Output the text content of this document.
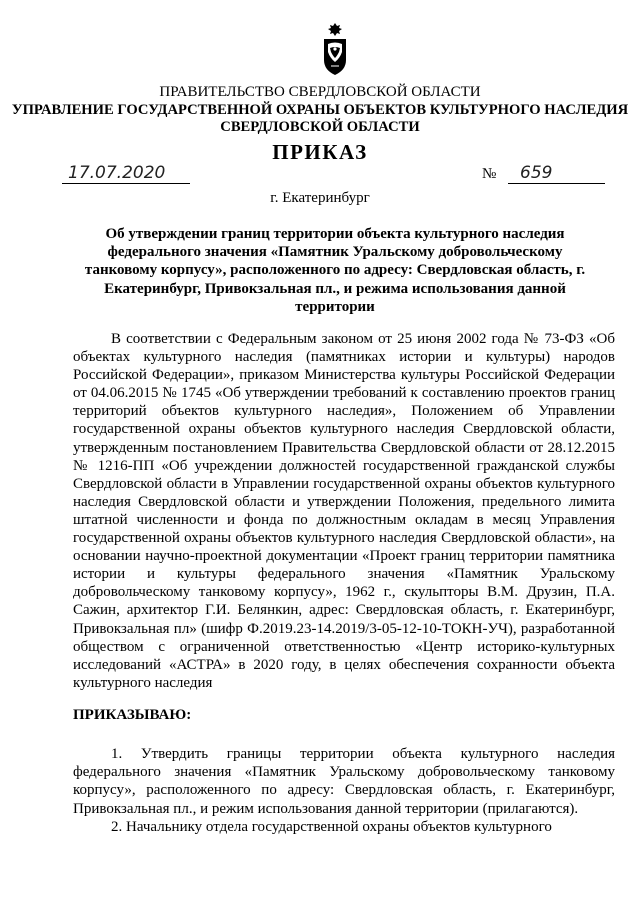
ПРАВИТЕЛЬСТВО СВЕРДЛОВСКОЙ ОБЛАСТИ
УПРАВЛЕНИЕ ГОСУДАРСТВЕННОЙ ОХРАНЫ ОБЪЕКТОВ КУЛЬТУРНОГО НАСЛЕДИЯ
СВЕРДЛОВСКОЙ ОБЛАСТИ
ПРИКАЗ
17.07.2020	№	659
г. Екатеринбург
Об утверждении границ территории объекта культурного наследия федерального значения «Памятник Уральскому добровольческому танковому корпусу», расположенного по адресу: Свердловская область, г. Екатеринбург, Привокзальная пл., и режима использования данной территории

В соответствии с Федеральным законом от 25 июня 2002 года № 73-ФЗ «Об объектах культурного наследия (памятниках истории и культуры) народов Российской Федерации», приказом Министерства культуры Российской Федерации от 04.06.2015 № 1745 «Об утверждении требований к составлению проектов границ территорий объектов культурного наследия», Положением об Управлении государственной охраны объектов культурного наследия Свердловской области, утвержденным постановлением Правительства Свердловской области от 28.12.2015 № 1216-ПП «Об учреждении должностей государственной гражданской службы Свердловской области в Управлении государственной охраны объектов культурного наследия Свердловской области и утверждении Положения, предельного лимита штатной численности и фонда по должностным окладам в месяц Управления государственной охраны объектов культурного наследия Свердловской области», на основании научно-проектной документации «Проект границ территории памятника истории и культуры федерального значения «Памятник Уральскому добровольческому танковому корпусу», 1962 г., скульпторы В.М. Друзин, П.А. Сажин, архитектор Г.И. Белянкин, адрес: Свердловская область, г. Екатеринбург, Привокзальная пл» (шифр Ф.2019.23-14.2019/3-05-12-10-ТОКН-УЧ), разработанной обществом с ограниченной ответственностью «Центр историко-культурных исследований «АСТРА» в 2020 году, в целях обеспечения сохранности объекта культурного наследия

ПРИКАЗЫВАЮ:

1. Утвердить границы территории объекта культурного наследия федерального значения «Памятник Уральскому добровольческому танковому корпусу», расположенного по адресу: Свердловская область, г. Екатеринбург, Привокзальная пл., и режим использования данной территории (прилагаются).

2. Начальнику отдела государственной охраны объектов культурного
